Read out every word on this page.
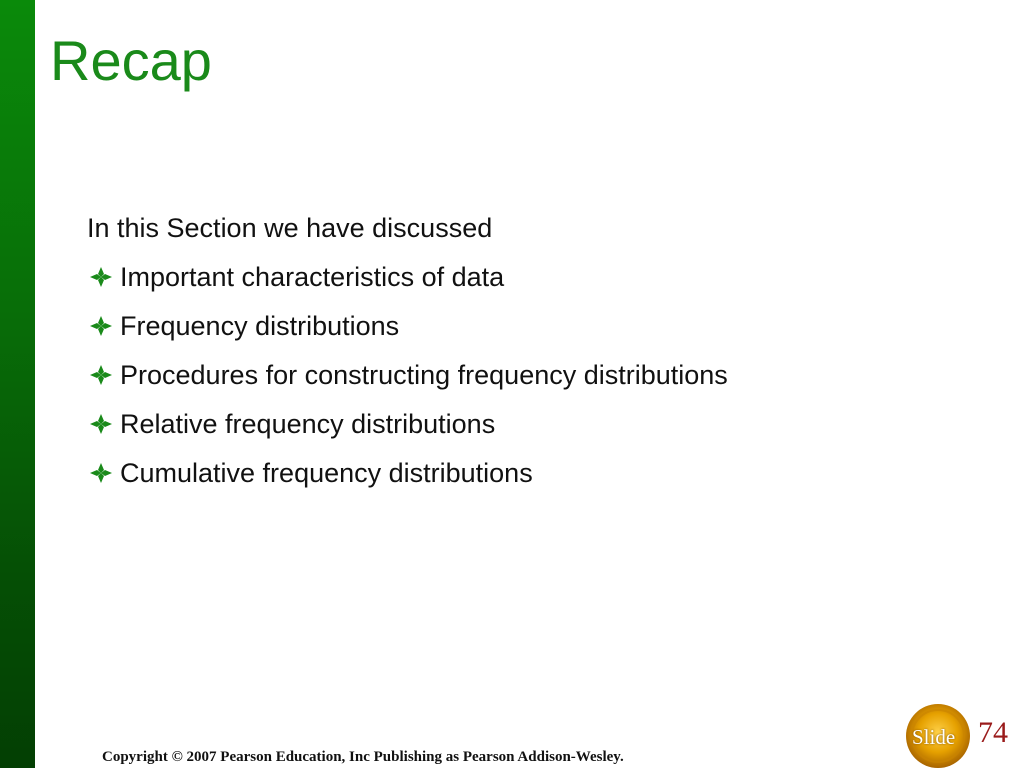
Recap

In this Section we have discussed

Important characteristics of data
Frequency distributions
Procedures for constructing frequency distributions
Relative frequency distributions
Cumulative frequency distributions
Copyright © 2007 Pearson Education, Inc Publishing as Pearson Addison-Wesley.
Slide 74
